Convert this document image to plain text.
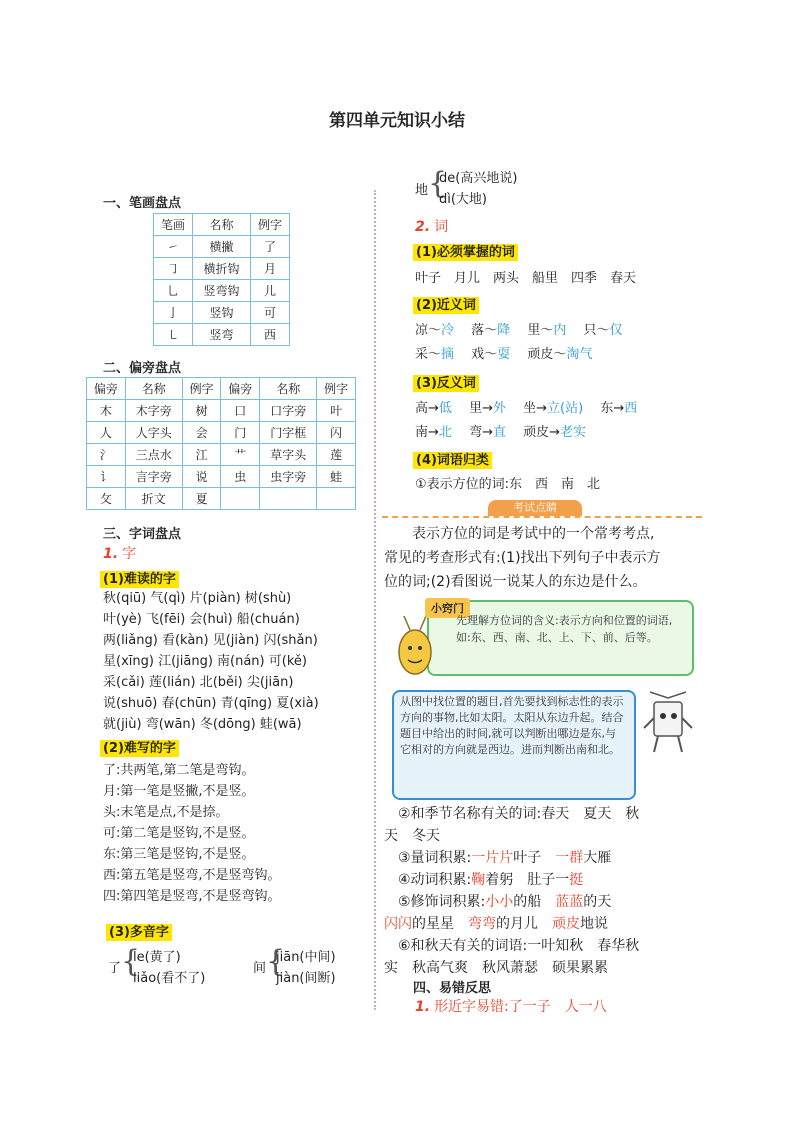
第四单元知识小结
一、笔画盘点
笔画	名称	例字
㇀	横撇	了
㇆	横折钩	月
乚	竖弯钩	儿
亅	竖钩	可
㇄	竖弯	西
二、偏旁盘点
偏旁	名称	例字	偏旁	名称	例字
木	木字旁	树	口	口字旁	叶
人	人字头	会	门	门字框	闪
氵	三点水	江	艹	草字头	莲
讠	言字旁	说	虫	虫字旁	蛙
攵	折文	夏			
三、字词盘点
1. 字
(1)难读的字
秋(qiū) 气(qì) 片(piàn) 树(shù)
叶(yè) 飞(fēi) 会(huì) 船(chuán)
两(liǎng) 看(kàn) 见(jiàn) 闪(shǎn)
星(xīng) 江(jiāng) 南(nán) 可(kě)
采(cǎi) 莲(lián) 北(běi) 尖(jiān)
说(shuō) 春(chūn) 青(qīng) 夏(xià)
就(jiù) 弯(wān) 冬(dōng) 蛙(wā)
(2)难写的字
了:共两笔,第二笔是弯钩。
月:第一笔是竖撇,不是竖。
头:末笔是点,不是捺。
可:第二笔是竖钩,不是竖。
东:第三笔是竖钩,不是竖。
西:第五笔是竖弯,不是竖弯钩。
四:第四笔是竖弯,不是竖弯钩。
(3)多音字
了 {
le(黄了)
liǎo(看不了)
间 {
jiān(中间)
jiàn(间断)
地 {
de(高兴地说)
dì(大地)
2. 词
(1)必须掌握的词
叶子　月儿　两头　船里　四季　春天
(2)近义词
凉～冷　 落～降　 里～内　 只～仅
采～摘　 戏～耍　 顽皮～淘气
(3)反义词
高→低　 里→外　 坐→立(站)　 东→西
南→北　 弯→直　 顽皮→老实
(4)词语归类
①表示方位的词:东　西　南　北
考试点睛
　　表示方位的词是考试中的一个常考考点,
常见的考查形式有:(1)找出下列句子中表示方
位的词;(2)看图说一说某人的东边是什么。
小窍门
先理解方位词的含义:表示方向和位置的词语,如:东、西、南、北、上、下、前、后等。
从图中找位置的题目,首先要找到标志性的表示方向的事物,比如太阳。太阳从东边升起。结合题目中给出的时间,就可以判断出哪边是东,与它相对的方向就是西边。进而判断出南和北。
　②和季节名称有关的词:春天　夏天　秋
天　冬天
　③量词积累:一片片叶子　一群大雁
　④动词积累:鞠着躬　肚子一挺
　⑤修饰词积累:小小的船　蓝蓝的天
闪闪的星星　弯弯的月儿　顽皮地说
　⑥和秋天有关的词语:一叶知秋　春华秋
实　秋高气爽　秋风萧瑟　硕果累累
四、易错反思
1. 形近字易错:了一子　人一八
